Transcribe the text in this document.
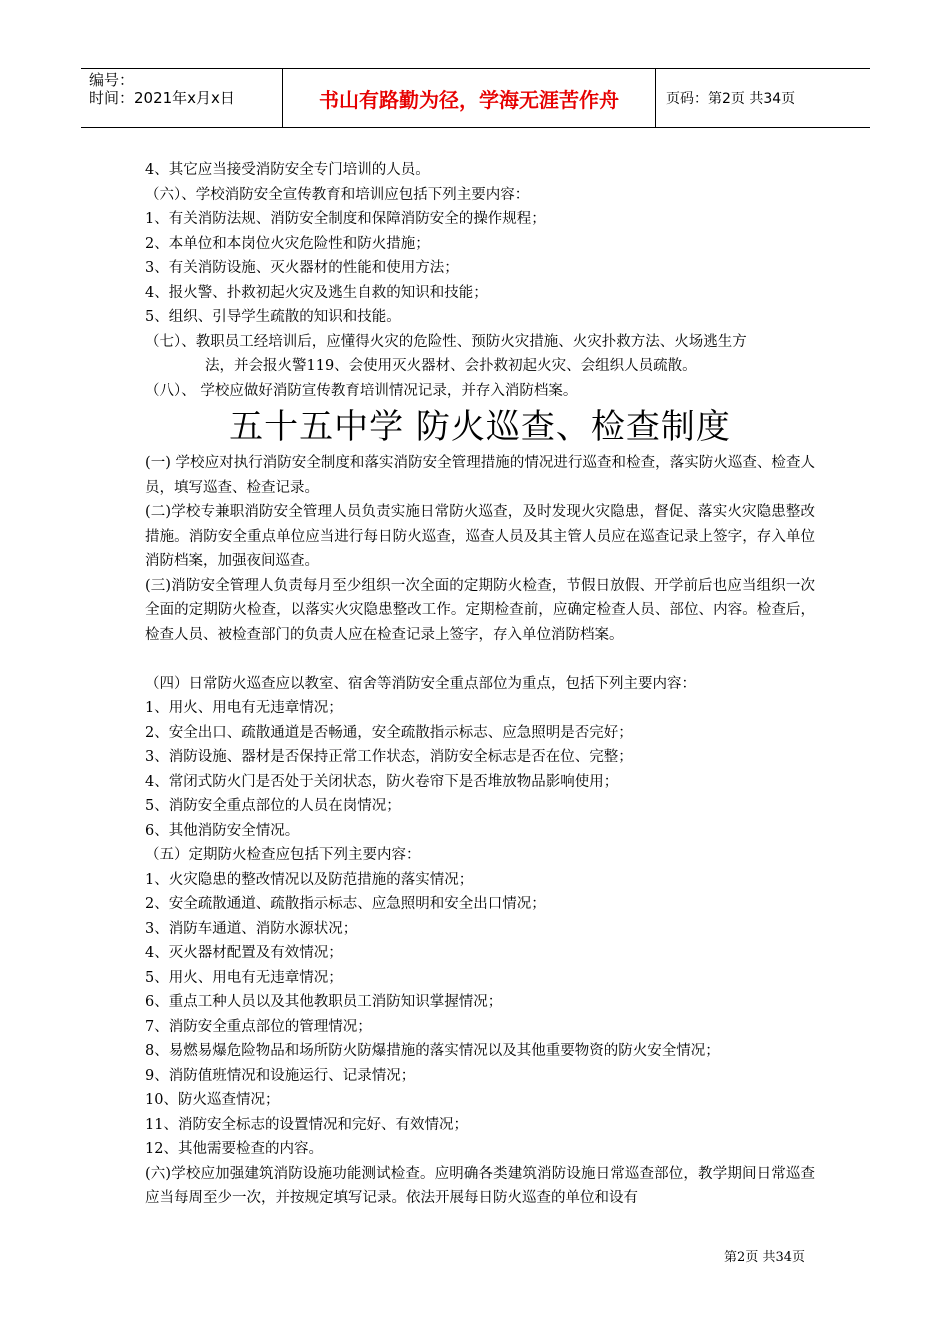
编号：
时间：2021年x月x日	书山有路勤为径，学海无涯苦作舟	页码：第2页 共34页
4、其它应当接受消防安全专门培训的人员。
（六）、学校消防安全宣传教育和培训应包括下列主要内容：
1、有关消防法规、消防安全制度和保障消防安全的操作规程；
2、本单位和本岗位火灾危险性和防火措施；
3、有关消防设施、灭火器材的性能和使用方法；
4、报火警、扑救初起火灾及逃生自救的知识和技能；
5、组织、引导学生疏散的知识和技能。
（七）、教职员工经培训后，应懂得火灾的危险性、预防火灾措施、火灾扑救方法、火场逃生方
法，并会报火警119、会使用灭火器材、会扑救初起火灾、会组织人员疏散。
（八）、 学校应做好消防宣传教育培训情况记录，并存入消防档案。
五十五中学 防火巡查、检查制度
(一) 学校应对执行消防安全制度和落实消防安全管理措施的情况进行巡查和检查，落实防火巡查、检查人员，填写巡查、检查记录。
(二)学校专兼职消防安全管理人员负责实施日常防火巡查，及时发现火灾隐患，督促、落实火灾隐患整改措施。消防安全重点单位应当进行每日防火巡查，巡查人员及其主管人员应在巡查记录上签字，存入单位消防档案，加强夜间巡查。
(三)消防安全管理人负责每月至少组织一次全面的定期防火检查，节假日放假、开学前后也应当组织一次全面的定期防火检查，以落实火灾隐患整改工作。定期检查前，应确定检查人员、部位、内容。检查后，检查人员、被检查部门的负责人应在检查记录上签字，存入单位消防档案。
（四）日常防火巡查应以教室、宿舍等消防安全重点部位为重点，包括下列主要内容：
1、用火、用电有无违章情况；
2、安全出口、疏散通道是否畅通，安全疏散指示标志、应急照明是否完好；
3、消防设施、器材是否保持正常工作状态，消防安全标志是否在位、完整；
4、常闭式防火门是否处于关闭状态，防火卷帘下是否堆放物品影响使用；
5、消防安全重点部位的人员在岗情况；
6、其他消防安全情况。
（五）定期防火检查应包括下列主要内容：
1、火灾隐患的整改情况以及防范措施的落实情况；
2、安全疏散通道、疏散指示标志、应急照明和安全出口情况；
3、消防车通道、消防水源状况；
4、灭火器材配置及有效情况；
5、用火、用电有无违章情况；
6、重点工种人员以及其他教职员工消防知识掌握情况；
7、消防安全重点部位的管理情况；
8、易燃易爆危险物品和场所防火防爆措施的落实情况以及其他重要物资的防火安全情况；
9、消防值班情况和设施运行、记录情况；
10、防火巡查情况；
11、消防安全标志的设置情况和完好、有效情况；
12、其他需要检查的内容。
(六)学校应加强建筑消防设施功能测试检查。应明确各类建筑消防设施日常巡查部位，教学期间日常巡查应当每周至少一次，并按规定填写记录。依法开展每日防火巡查的单位和设有
第2页 共34页
